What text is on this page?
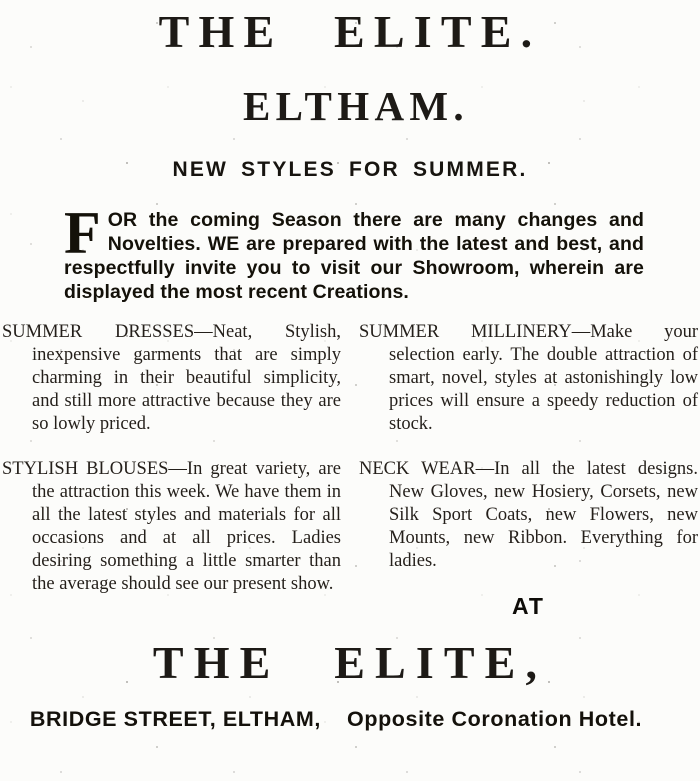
THE ELITE.
ELTHAM.
NEW STYLES FOR SUMMER.

FOR the coming Season there are many changes and Novelties. WE are prepared with the latest and best, and respectfully invite you to visit our Showroom, wherein are displayed the most recent Creations.

SUMMER DRESSES—Neat, Stylish, inexpensive garments that are simply charming in their beautiful simplicity, and still more attractive because they are so lowly priced.

STYLISH BLOUSES—In great variety, are the attraction this week. We have them in all the latest styles and materials for all occasions and at all prices. Ladies desiring something a little smarter than the average should see our present show.

SUMMER MILLINERY—Make your selection early. The double attraction of smart, novel, styles at astonishingly low prices will ensure a speedy reduction of stock.

NECK WEAR—In all the latest designs. New Gloves, new Hosiery, Corsets, new Silk Sport Coats, new Flowers, new Mounts, new Ribbon. Everything for ladies.

AT
THE ELITE,

BRIDGE STREET, ELTHAM, Opposite Coronation Hotel.
